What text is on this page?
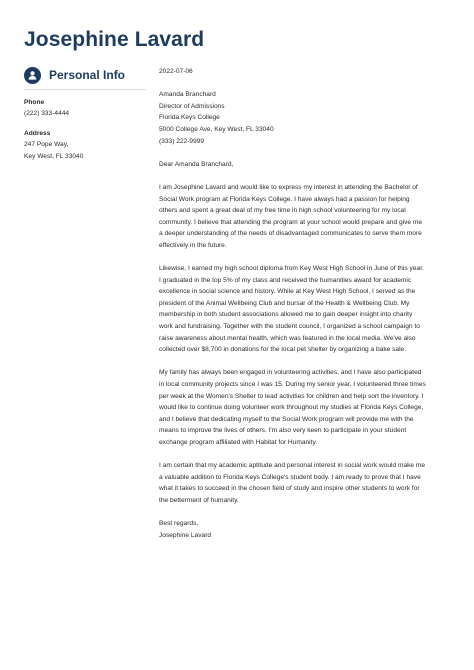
Josephine Lavard
Personal Info
Phone
(222) 333-4444
Address
247 Pope Way,
Key West, FL 33040
2022-07-06
Amanda Branchard
Director of Admissions
Florida Keys College
5000 College Ave, Key West, FL 33040
(333) 222-9999
Dear Amanda Branchard,
I am Josephine Lavard and would like to express my interest in attending the Bachelor of
Social Work program at Florida Keys College. I have always had a passion for helping
others and spent a great deal of my free time in high school volunteering for my local
community. I believe that attending the program at your school would prepare and give me
a deeper understanding of the needs of disadvantaged communicates to serve them more
effectively in the future.
Likewise, I earned my high school diploma from Key West High School in June of this year.
I graduated in the top 5% of my class and received the humanities award for academic
excellence in social science and history. While at Key West High School, I served as the
president of the Animal Wellbeing Club and bursar of the Health & Wellbeing Club. My
membership in both student associations allowed me to gain deeper insight into charity
work and fundraising. Together with the student council, I organized a school campaign to
raise awareness about mental health, which was featured in the local media. We've also
collected over $8,700 in donations for the local pet shelter by organizing a bake sale.
My family has always been engaged in volunteering activities, and I have also participated
in local community projects since I was 15. During my senior year, I volunteered three times
per week at the Women's Shelter to lead activities for children and help sort the inventory. I
would like to continue doing volunteer work throughout my studies at Florida Keys College,
and I believe that dedicating myself to the Social Work program will provide me with the
means to improve the lives of others. I'm also very keen to participate in your student
exchange program affiliated with Habitat for Humanity.
I am certain that my academic aptitude and personal interest in social work would make me
a valuable addition to Florida Keys College's student body. I am ready to prove that I have
what it takes to succeed in the chosen field of study and inspire other students to work for
the betterment of humanity.
Best regards,
Josephine Lavard
